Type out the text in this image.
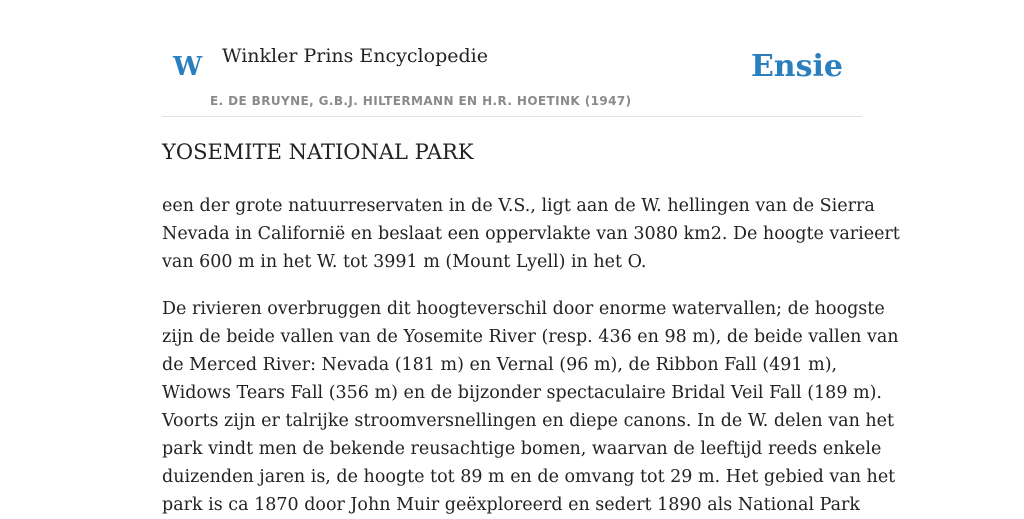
W Winkler Prins Encyclopedie
E. DE BRUYNE, G.B.J. HILTERMANN EN H.R. HOETINK (1947)
Ensie
YOSEMITE NATIONAL PARK

een der grote natuurreservaten in de V.S., ligt aan de W. hellingen van de Sierra
Nevada in Californië en beslaat een oppervlakte van 3080 km2. De hoogte varieert
van 600 m in het W. tot 3991 m (Mount Lyell) in het O.

De rivieren overbruggen dit hoogteverschil door enorme watervallen; de hoogste
zijn de beide vallen van de Yosemite River (resp. 436 en 98 m), de beide vallen van
de Merced River: Nevada (181 m) en Vernal (96 m), de Ribbon Fall (491 m),
Widows Tears Fall (356 m) en de bijzonder spectaculaire Bridal Veil Fall (189 m).
Voorts zijn er talrijke stroomversnellingen en diepe canons. In de W. delen van het
park vindt men de bekende reusachtige bomen, waarvan de leeftijd reeds enkele
duizenden jaren is, de hoogte tot 89 m en de omvang tot 29 m. Het gebied van het
park is ca 1870 door John Muir geëxploreerd en sedert 1890 als National Park
